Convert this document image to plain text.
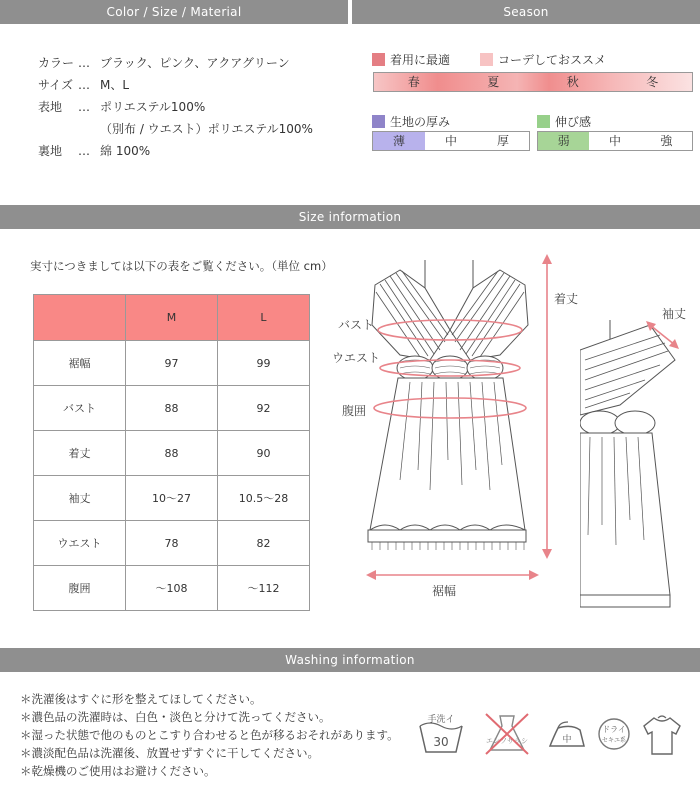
Color / Size / Material	Season
カラー … ブラック、ピンク、アクアグリーン
サイズ … M、L
表地	… ポリエステル100%
（別布 / ウエスト）ポリエステル100%
裏地	… 綿 100%
着用に最適	コーデしておススメ
春	夏	秋	冬
生地の厚み
薄	中	厚
伸び感
弱	中	強
Size information
実寸につきましては以下の表をご覧ください。（単位 cm）
	M	L
裾幅	97	99
バスト	88	92
着丈	88	90
袖丈	10～27	10.5～28
ウエスト	78	82
腹囲	～108	～112
バスト
ウエスト
腹囲
着丈
裾幅
袖丈
Washing information
＊洗濯後はすぐに形を整えてほしてください。
＊濃色品の洗濯時は、白色・淡色と分けて洗ってください。
＊湿った状態で他のものとこすり合わせると色が移るおそれがあります。
＊濃淡配色品は洗濯後、放置せずすぐに干してください。
＊乾燥機のご使用はお避けください。
手洗イ
30	エンソサラシ	中
ドライ
セキユ系
